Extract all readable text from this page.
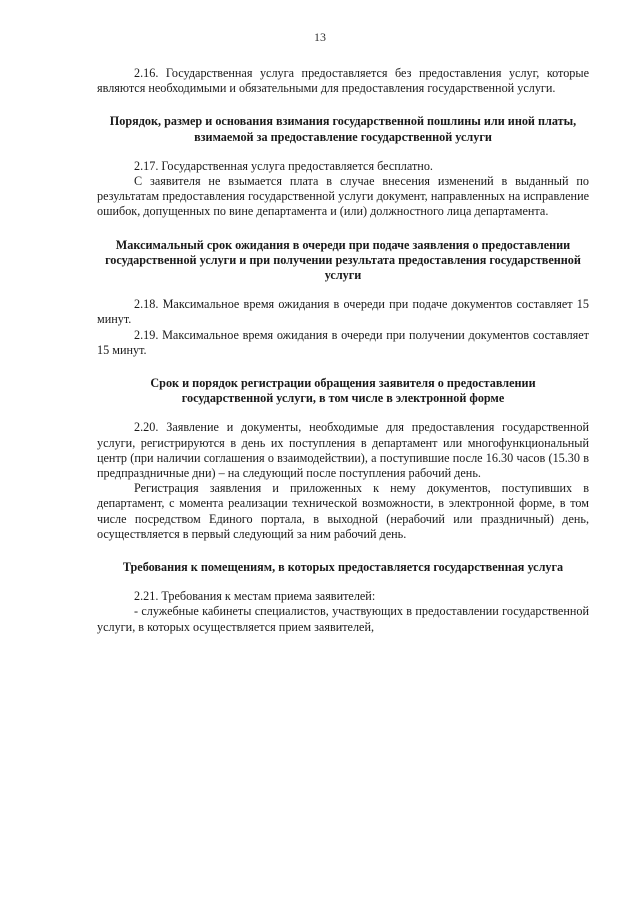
13

2.16. Государственная услуга предоставляется без предоставления услуг, которые являются необходимыми и обязательными для предоставления государственной услуги.

Порядок, размер и основания взимания государственной пошлины или иной платы, взимаемой за предоставление государственной услуги

2.17. Государственная услуга предоставляется бесплатно.

С заявителя не взымается плата в случае внесения изменений в выданный по результатам предоставления государственной услуги документ, направленных на исправление ошибок, допущенных по вине департамента и (или) должностного лица департамента.

Максимальный срок ожидания в очереди при подаче заявления о предоставлении государственной услуги и при получении результата предоставления государственной услуги

2.18. Максимальное время ожидания в очереди при подаче документов составляет 15 минут.

2.19. Максимальное время ожидания в очереди при получении документов составляет 15 минут.

Срок и порядок регистрации обращения заявителя о предоставлении государственной услуги, в том числе в электронной форме

2.20. Заявление и документы, необходимые для предоставления государственной услуги, регистрируются в день их поступления в департамент или многофункциональный центр (при наличии соглашения о взаимодействии), а поступившие после 16.30 часов (15.30 в предпраздничные дни) – на следующий после поступления рабочий день.

Регистрация заявления и приложенных к нему документов, поступивших в департамент, с момента реализации технической возможности, в электронной форме, в том числе посредством Единого портала, в выходной (нерабочий или праздничный) день, осуществляется в первый следующий за ним рабочий день.

Требования к помещениям, в которых предоставляется государственная услуга

2.21. Требования к местам приема заявителей:

- служебные кабинеты специалистов, участвующих в предоставлении государственной услуги, в которых осуществляется прием заявителей,
